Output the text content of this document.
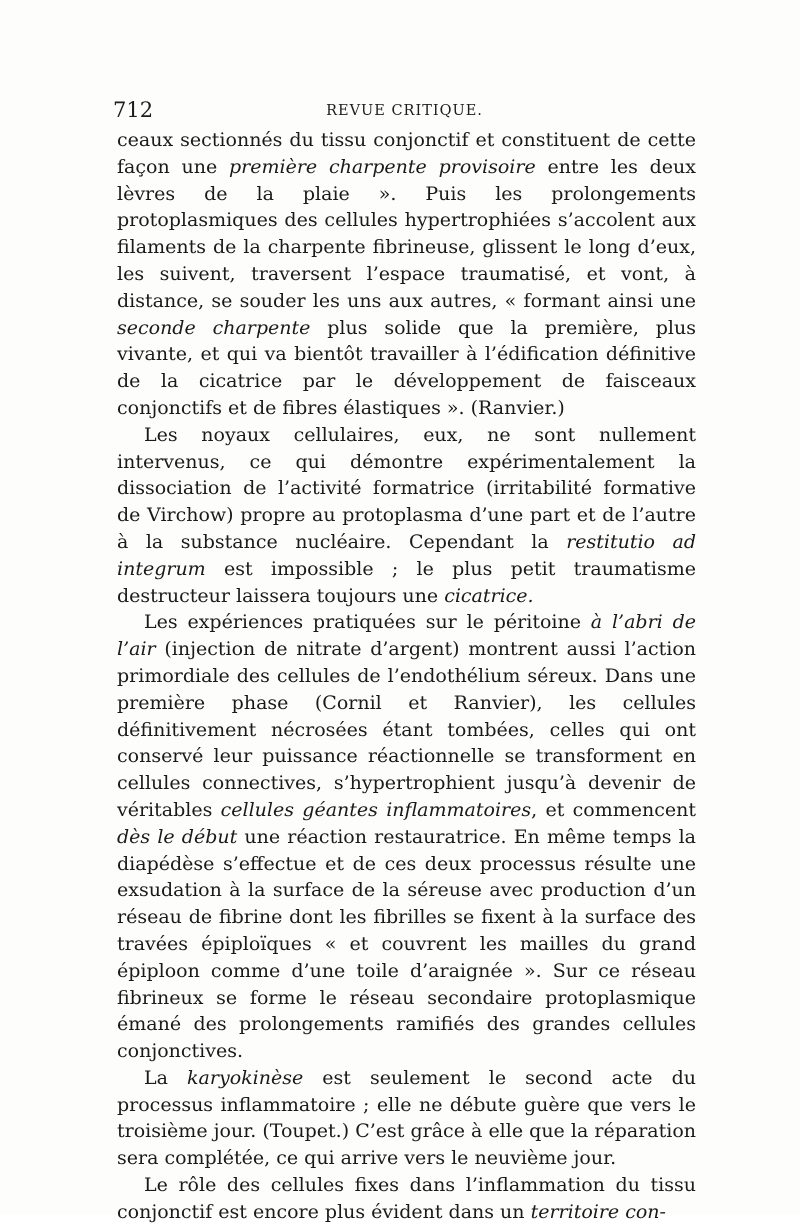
712	REVUE CRITIQUE.

ceaux sectionnés du tissu conjonctif et constituent de cette façon une première charpente provisoire entre les deux lèvres de la plaie ». Puis les prolongements protoplasmiques des cellules hypertrophiées s’accolent aux filaments de la charpente fibrineuse, glissent le long d’eux, les suivent, traversent l’espace traumatisé, et vont, à distance, se souder les uns aux autres, « formant ainsi une seconde charpente plus solide que la première, plus vivante, et qui va bientôt travailler à l’édification définitive de la cicatrice par le développement de faisceaux conjonctifs et de fibres élastiques ». (Ranvier.)

Les noyaux cellulaires, eux, ne sont nullement intervenus, ce qui démontre expérimentalement la dissociation de l’activité formatrice (irritabilité formative de Virchow) propre au protoplasma d’une part et de l’autre à la substance nucléaire. Cependant la restitutio ad integrum est impossible ; le plus petit traumatisme destructeur laissera toujours une cicatrice.

Les expériences pratiquées sur le péritoine à l’abri de l’air (injection de nitrate d’argent) montrent aussi l’action primordiale des cellules de l’endothélium séreux. Dans une première phase (Cornil et Ranvier), les cellules définitivement nécrosées étant tombées, celles qui ont conservé leur puissance réactionnelle se transforment en cellules connectives, s’hypertrophient jusqu’à devenir de véritables cellules géantes inflammatoires, et commencent dès le début une réaction restauratrice. En même temps la diapédèse s’effectue et de ces deux processus résulte une exsudation à la surface de la séreuse avec production d’un réseau de fibrine dont les fibrilles se fixent à la surface des travées épiploïques « et couvrent les mailles du grand épiploon comme d’une toile d’araignée ». Sur ce réseau fibrineux se forme le réseau secondaire protoplasmique émané des prolongements ramifiés des grandes cellules conjonctives.

La karyokinèse est seulement le second acte du processus inflammatoire ; elle ne débute guère que vers le troisième jour. (Toupet.) C’est grâce à elle que la réparation sera complétée, ce qui arrive vers le neuvième jour.

Le rôle des cellules fixes dans l’inflammation du tissu conjonctif est encore plus évident dans un territoire con-
